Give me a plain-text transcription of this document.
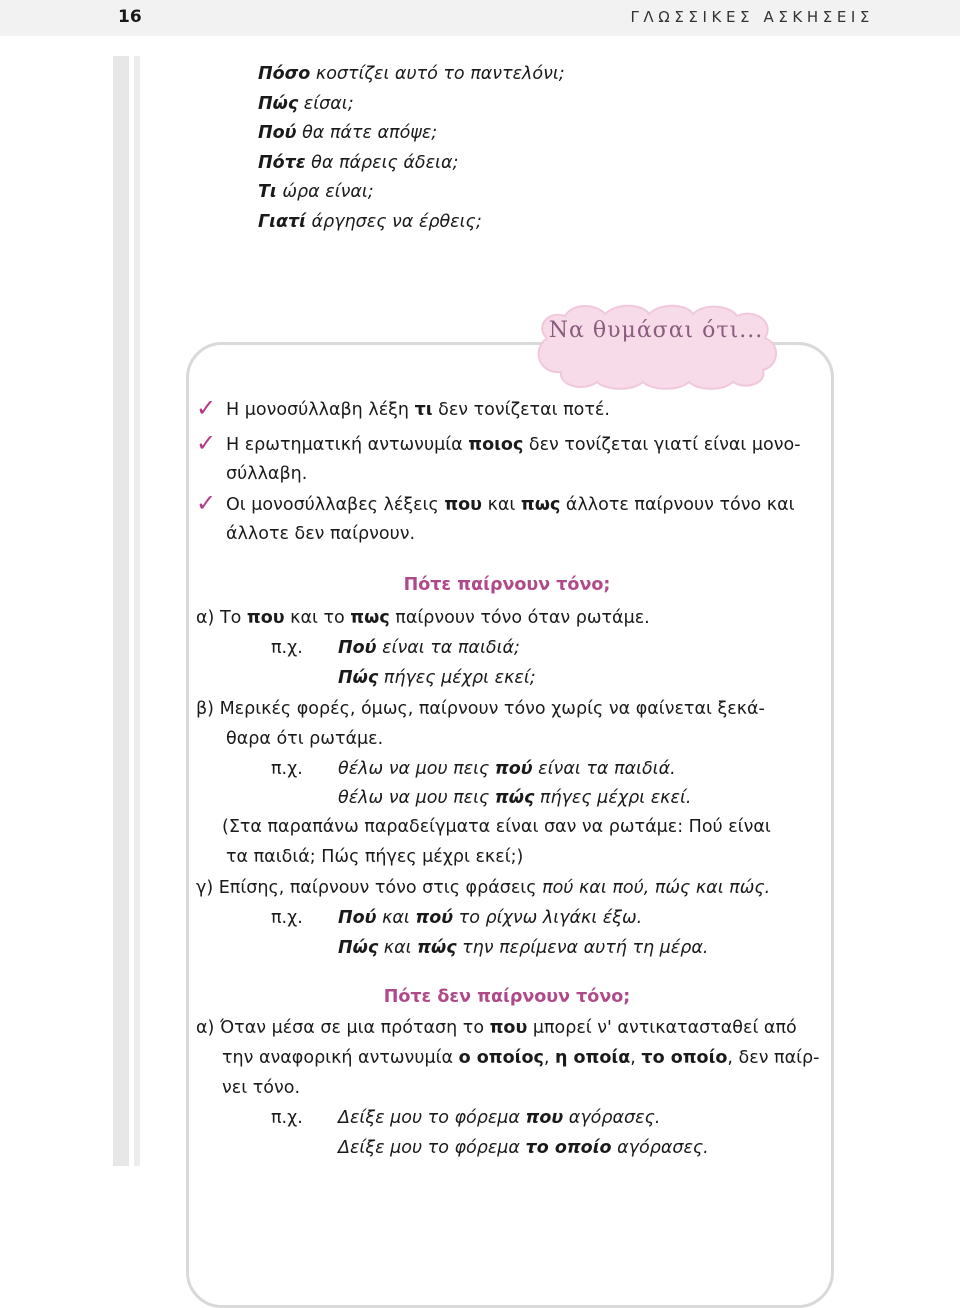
16	ΓΛΩΣΣΙΚΕΣ ΑΣΚΗΣΕΙΣ
Πόσο κοστίζει αυτό το παντελόνι;
Πώς είσαι;
Πού θα πάτε απόψε;
Πότε θα πάρεις άδεια;
Τι ώρα είναι;
Γιατί άργησες να έρθεις;
Να θυμάσαι ότι...
✓ Η μονοσύλλαβη λέξη τι δεν τονίζεται ποτέ.
✓ Η ερωτηματική αντωνυμία ποιος δεν τονίζεται γιατί είναι μονο-
σύλλαβη.
✓ Οι μονοσύλλαβες λέξεις που και πως άλλοτε παίρνουν τόνο και
άλλοτε δεν παίρνουν.
Πότε παίρνουν τόνο;
α) Το που και το πως παίρνουν τόνο όταν ρωτάμε.
π.χ. Πού είναι τα παιδιά;
Πώς πήγες μέχρι εκεί;
β) Μερικές φορές, όμως, παίρνουν τόνο χωρίς να φαίνεται ξεκά-
θαρα ότι ρωτάμε.
π.χ. θέλω να μου πεις πού είναι τα παιδιά.
θέλω να μου πεις πώς πήγες μέχρι εκεί.
(Στα παραπάνω παραδείγματα είναι σαν να ρωτάμε: Πού είναι
τα παιδιά; Πώς πήγες μέχρι εκεί;)
γ) Επίσης, παίρνουν τόνο στις φράσεις πού και πού, πώς και πώς.
π.χ. Πού και πού το ρίχνω λιγάκι έξω.
Πώς και πώς την περίμενα αυτή τη μέρα.
Πότε δεν παίρνουν τόνο;
α) Όταν μέσα σε μια πρόταση το που μπορεί ν' αντικατασταθεί από
την αναφορική αντωνυμία ο οποίος, η οποία, το οποίο, δεν παίρ-
νει τόνο.
π.χ. Δείξε μου το φόρεμα που αγόρασες.
Δείξε μου το φόρεμα το οποίο αγόρασες.
